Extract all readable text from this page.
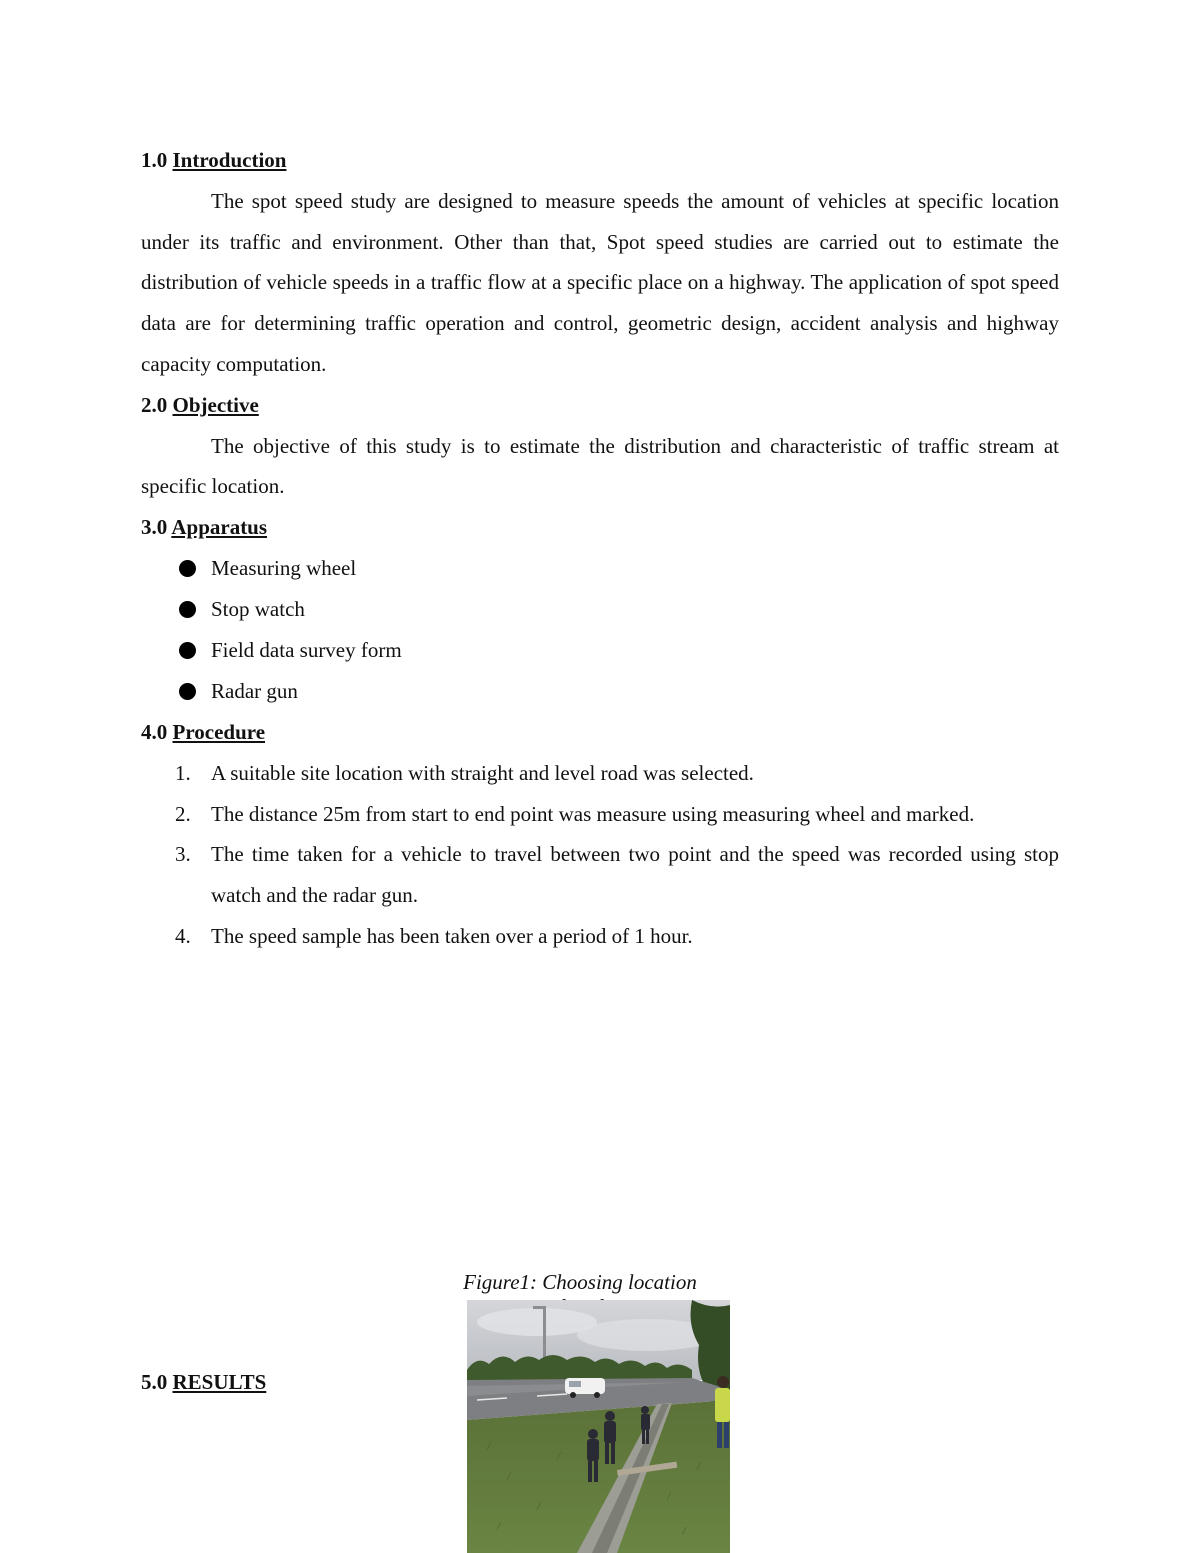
1.0 Introduction

The spot speed study are designed to measure speeds the amount of vehicles at specific location under its traffic and environment. Other than that, Spot speed studies are carried out to estimate the distribution of vehicle speeds in a traffic flow at a specific place on a highway. The application of spot speed data are for determining traffic operation and control, geometric design, accident analysis and highway capacity computation.

2.0 Objective

The objective of this study is to estimate the distribution and characteristic of traffic stream at specific location.

3.0 Apparatus
Measuring wheel
Stop watch
Field data survey form
Radar gun
4.0 Procedure
1. A suitable site location with straight and level road was selected.
2. The distance 25m from start to end point was measure using measuring wheel and marked.
3. The time taken for a vehicle to travel between two point and the speed was recorded using stop watch and the radar gun.
4. The speed sample has been taken over a period of 1 hour.
Figure1: Choosing location
5.0 RESULTS
